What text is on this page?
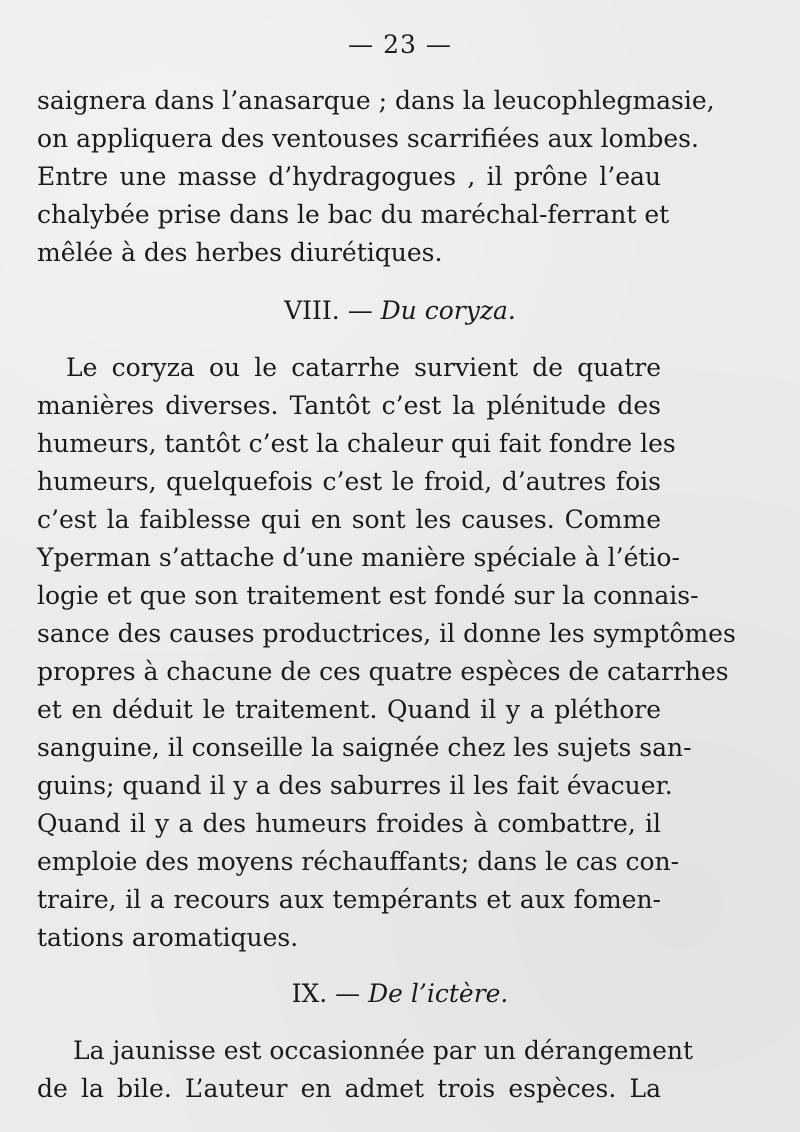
— 23 —
saignera dans l’anasarque ; dans la leucophlegmasie,
on appliquera des ventouses scarrifiées aux lombes.
Entre une masse d’hydragogues , il prône l’eau
chalybée prise dans le bac du maréchal-ferrant et
mêlée à des herbes diurétiques.
VIII. — Du coryza.
Le coryza ou le catarrhe survient de quatre
manières diverses. Tantôt c’est la plénitude des
humeurs, tantôt c’est la chaleur qui fait fondre les
humeurs, quelquefois c’est le froid, d’autres fois
c’est la faiblesse qui en sont les causes. Comme
Yperman s’attache d’une manière spéciale à l’étio-
logie et que son traitement est fondé sur la connais-
sance des causes productrices, il donne les symptômes
propres à chacune de ces quatre espèces de catarrhes
et en déduit le traitement. Quand il y a pléthore
sanguine, il conseille la saignée chez les sujets san-
guins; quand il y a des saburres il les fait évacuer.
Quand il y a des humeurs froides à combattre, il
emploie des moyens réchauffants; dans le cas con-
traire, il a recours aux tempérants et aux fomen-
tations aromatiques.
IX. — De l’ictère.
La jaunisse est occasionnée par un dérangement
de la bile. L’auteur en admet trois espèces. La
